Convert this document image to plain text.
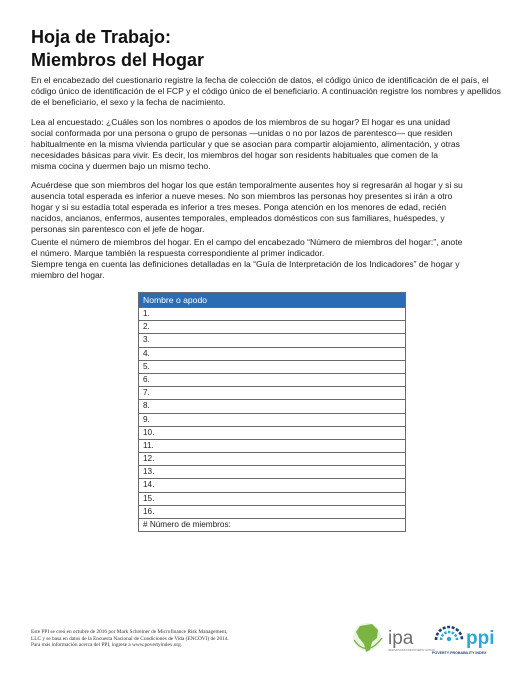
Hoja de Trabajo:
Miembros del Hogar
En el encabezado del cuestionario registre la fecha de colección de datos, el código único de identificación de el país, el
código único de identificación de el FCP y el código único de el beneficiario. A continuación registre los nombres y apellidos
de el beneficiario, el sexo y la fecha de nacimiento.
Lea al encuestado: ¿Cuáles son los nombres o apodos de los miembros de su hogar? El hogar es una unidad
social conformada por una persona o grupo de personas —unidas o no por lazos de parentesco— que residen
habitualmente en la misma vivienda particular y que se asocian para compartir alojamiento, alimentación, y otras
necesidades básicas para vivir. Es decir, los miembros del hogar son residents habituales que comen de la
misma cocina y duermen bajo un mismo techo.
Acuérdese que son miembros del hogar los que están temporalmente ausentes hoy si regresarán al hogar y si su
ausencia total esperada es inferior a nueve meses. No son miembros las personas hoy presentes si irán a otro
hogar y si su estadía total esperada es inferior a tres meses. Ponga atención en los menores de edad, recién
nacidos, ancianos, enfermos, ausentes temporales, empleados domésticos con sus familiares, huéspedes, y
personas sin parentesco con el jefe de hogar.
Cuente el número de miembros del hogar. En el campo del encabezado “Número de miembros del hogar:”, anote
el número. Marque también la respuesta correspondiente al primer indicador.
Siempre tenga en cuenta las definiciones detalladas en la “Guía de Interpretación de los Indicadores” de hogar y
miembro del hogar.
Nombre o apodo
1.
2.
3.
4.
5.
6.
7.
8.
9.
10.
11.
12.
13.
14.
15.
16.
# Número de miembros:
Este PPI se creó en octubre de 2016 por Mark Schreiner de Microfinance Risk Management,
LLC y se basa en datos de la Encuesta Nacional de Condiciones de Vida (ENCOVI) de 2014.
Para más información acerca del PPI, ingrese a www.povertyindex.org.	ipa
INNOVATIONS FOR POVERTY ACTION
ppi
POVERTY PROBABILITY INDEX
